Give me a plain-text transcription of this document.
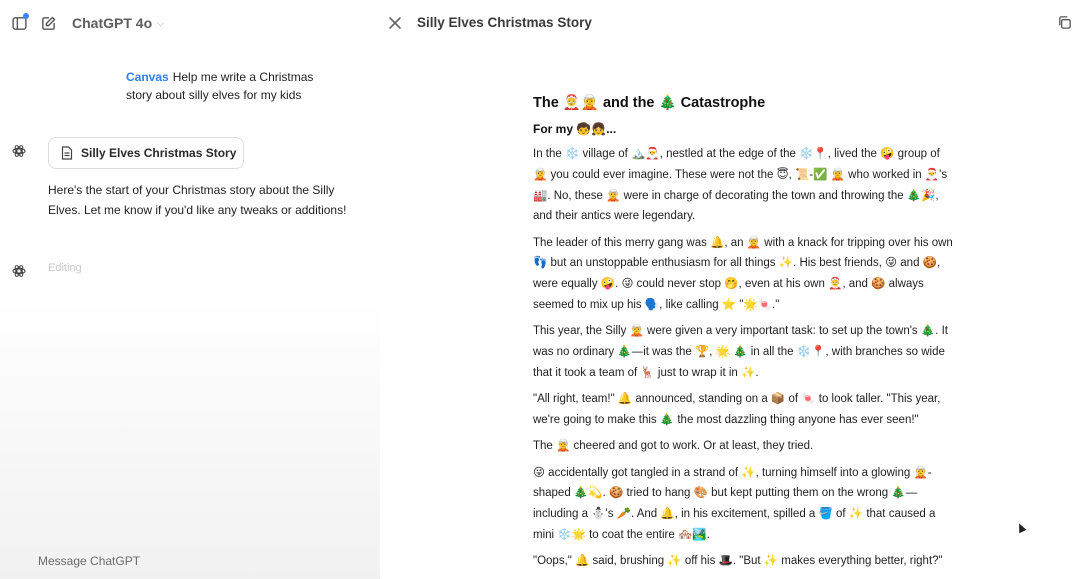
ChatGPT 4o ⌵
Canvas Help me write a Christmas story about silly elves for my kids
Silly Elves Christmas Story
Here's the start of your Christmas story about the Silly Elves. Let me know if you'd like any tweaks or additions!
Editing
Message ChatGPT
Silly Elves Christmas Story
The 🤶🧝 and the 🎄 Catastrophe
For my 🧒👧...

In the ❄️ village of 🏔️🎅, nestled at the edge of the ❄️📍, lived the 🤪 group of 🧝 you could ever imagine. These were not the 😇, 📜-✅ 🧝 who worked in 🎅's 🏭. No, these 🧝 were in charge of decorating the town and throwing the 🎄🎉, and their antics were legendary.

The leader of this merry gang was 🔔, an 🧝 with a knack for tripping over his own 👣 but an unstoppable enthusiasm for all things ✨. His best friends, 😜 and 🍪, were equally 🤪. 😜 could never stop 🤭, even at his own 🤶, and 🍪 always seemed to mix up his 🗣️, like calling ⭐ "🌟🍬."

This year, the Silly 🧝 were given a very important task: to set up the town's 🎄. It was no ordinary 🎄—it was the 🏆, 🌟 🎄 in all the ❄️📍, with branches so wide that it took a team of 🦌 just to wrap it in ✨.

"All right, team!" 🔔 announced, standing on a 📦 of 🍬 to look taller. "This year, we're going to make this 🎄 the most dazzling thing anyone has ever seen!"

The 🧝 cheered and got to work. Or at least, they tried.

😜 accidentally got tangled in a strand of ✨, turning himself into a glowing 🧝-shaped 🎄💫. 🍪 tried to hang 🎨 but kept putting them on the wrong 🎄—including a ⛄'s 🥕. And 🔔, in his excitement, spilled a 🪣 of ✨ that caused a mini ❄️🌟 to coat the entire 🏘️🏞️.

"Oops," 🔔 said, brushing ✨ off his 🎩. "But ✨ makes everything better, right?"
